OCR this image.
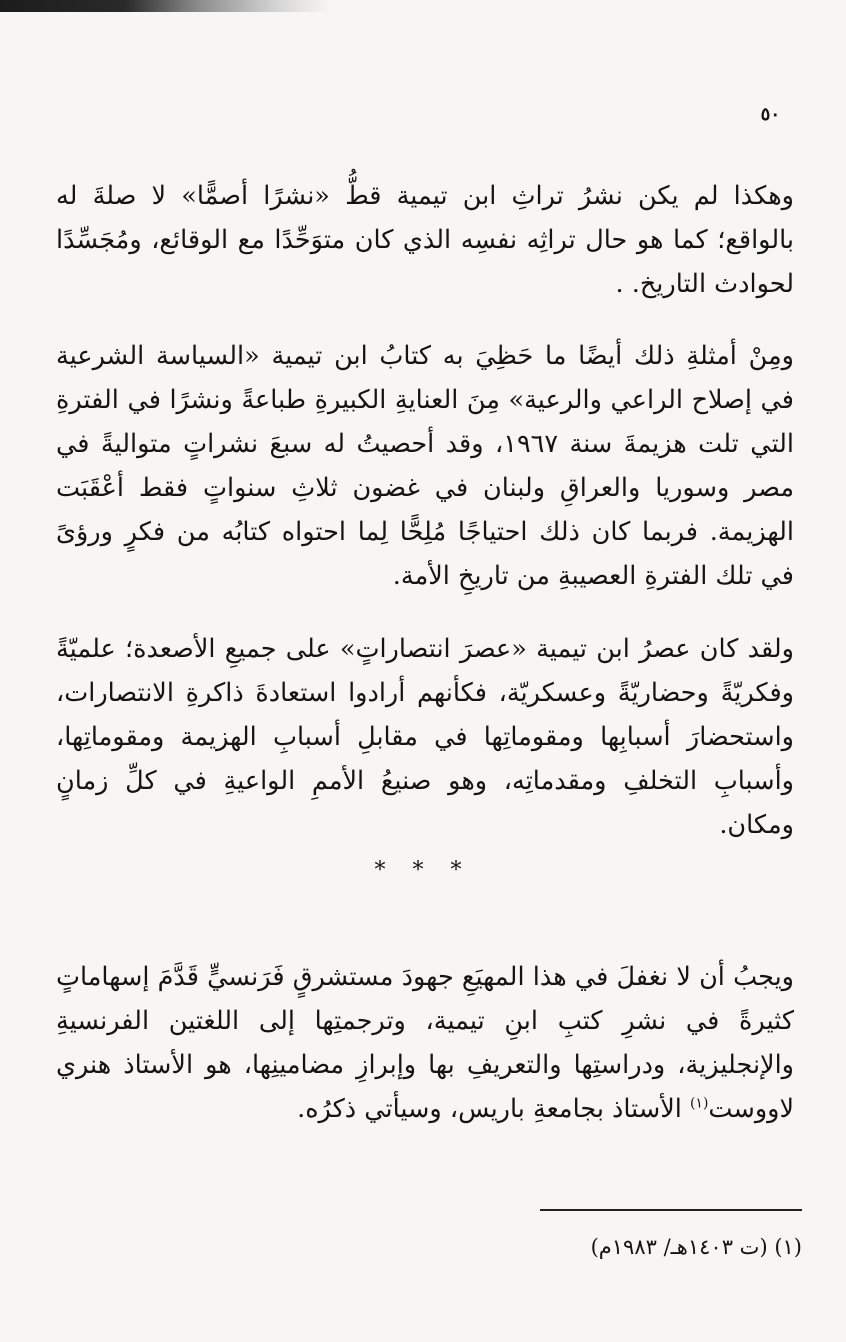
٥٠

وهكذا لم يكن نشرُ تراثِ ابن تيمية قطُّ «نشرًا أصمًّا» لا صلةَ له بالواقع؛ كما هو حال تراثِه نفسِه الذي كان متوَحِّدًا مع الوقائع، ومُجَسِّدًا لحوادث التاريخ. .

ومِنْ أمثلةِ ذلك أيضًا ما حَظِيَ به كتابُ ابن تيمية «السياسة الشرعية في إصلاح الراعي والرعية» مِنَ العنايةِ الكبيرةِ طباعةً ونشرًا في الفترةِ التي تلت هزيمةَ سنة ١٩٦٧، وقد أحصيتُ له سبعَ نشراتٍ متواليةً في مصر وسوريا والعراقِ ولبنان في غضون ثلاثِ سنواتٍ فقط أعْقَبَت الهزيمة. فربما كان ذلك احتياجًا مُلِحًّا لِما احتواه كتابُه من فكرٍ ورؤىً في تلك الفترةِ العصيبةِ من تاريخِ الأمة.

ولقد كان عصرُ ابن تيمية «عصرَ انتصاراتٍ» على جميعِ الأصعدة؛ علميّةً وفكريّةً وحضاريّةً وعسكريّة، فكأنهم أرادوا استعادةَ ذاكرةِ الانتصارات، واستحضارَ أسبابِها ومقوماتِها في مقابلِ أسبابِ الهزيمة ومقوماتِها، وأسبابِ التخلفِ ومقدماتِه، وهو صنيعُ الأممِ الواعيةِ في كلِّ زمانٍ ومكان.

* * *

ويجبُ أن لا نغفلَ في هذا المهيَعِ جهودَ مستشرقٍ فَرَنسيٍّ قَدَّمَ إسهاماتٍ كثيرةً في نشرِ كتبِ ابنِ تيمية، وترجمتِها إلى اللغتين الفرنسيةِ والإنجليزية، ودراستِها والتعريفِ بها وإبرازِ مضامينِها، هو الأستاذ هنري لاووست$^{(١)}$ الأستاذ بجامعةِ باريس، وسيأتي ذكرُه.

(١) (ت ١٤٠٣هـ/ ١٩٨٣م)
